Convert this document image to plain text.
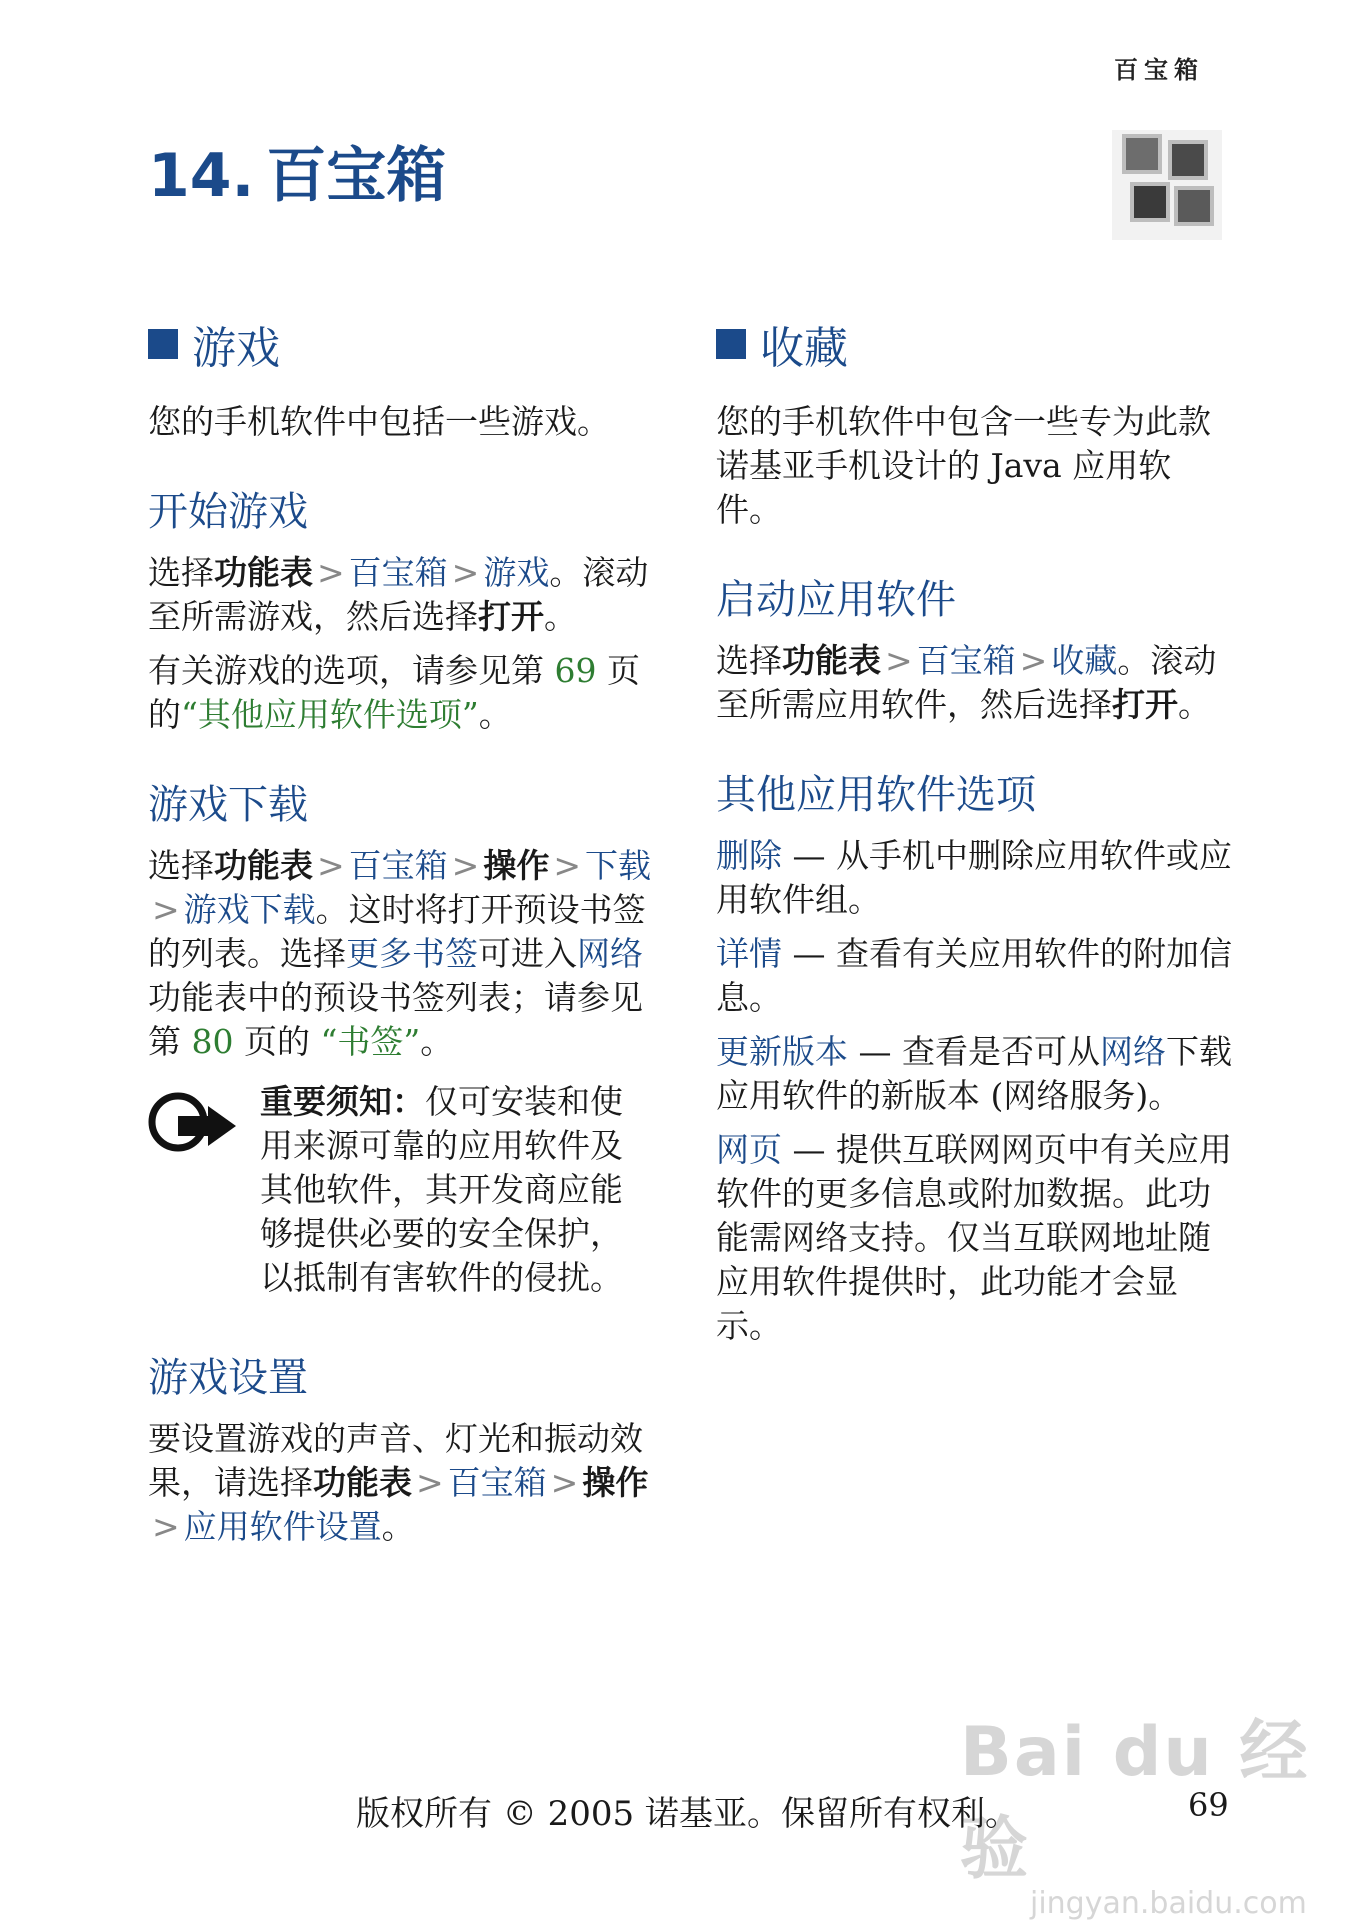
百宝箱
14. 百宝箱
游戏

您的手机软件中包括一些游戏。

开始游戏

选择功能表 > 百宝箱 > 游戏。滚动至所需游戏，然后选择打开。

有关游戏的选项，请参见第 69 页的“其他应用软件选项”。

游戏下载

选择功能表 > 百宝箱 > 操作 > 下载> 游戏下载。这时将打开预设书签的列表。选择更多书签可进入网络功能表中的预设书签列表；请参见第 80 页的 “书签”。

重要须知：仅可安装和使用来源可靠的应用软件及其他软件，其开发商应能够提供必要的安全保护，以抵制有害软件的侵扰。

游戏设置

要设置游戏的声音、灯光和振动效果，请选择功能表 > 百宝箱 > 操作> 应用软件设置。

收藏

您的手机软件中包含一些专为此款诺基亚手机设计的 Java 应用软件。

启动应用软件

选择功能表 > 百宝箱 > 收藏。滚动至所需应用软件，然后选择打开。

其他应用软件选项

删除 — 从手机中删除应用软件或应用软件组。

详情 — 查看有关应用软件的附加信息。

更新版本 — 查看是否可从网络下载应用软件的新版本 (网络服务)。

网页 — 提供互联网网页中有关应用软件的更多信息或附加数据。此功能需网络支持。仅当互联网地址随应用软件提供时，此功能才会显示。

Bai du 经验
jingyan.baidu.com
版权所有 © 2005 诺基亚。保留所有权利。	69
